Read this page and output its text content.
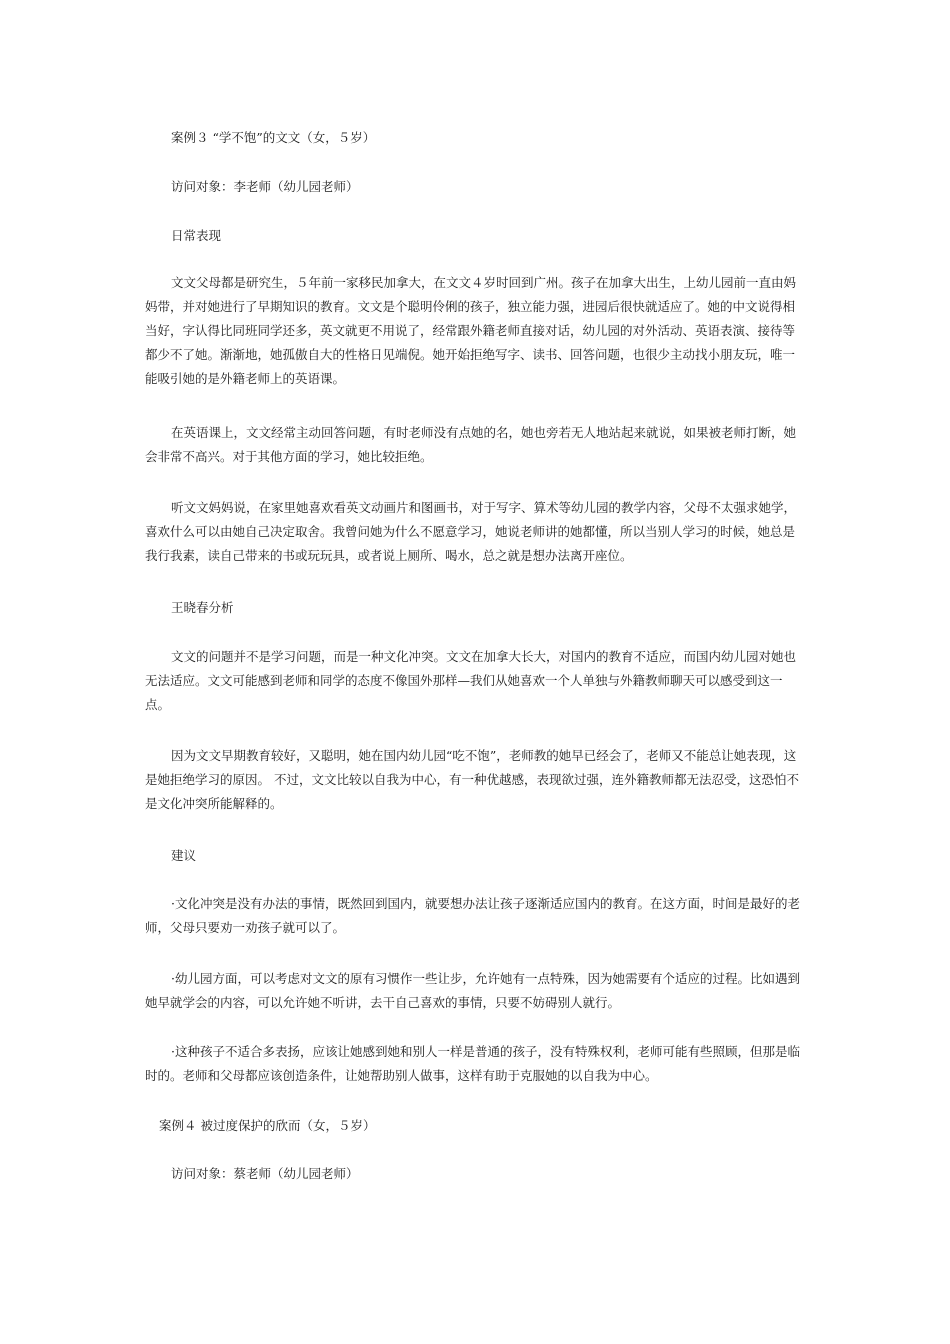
案例３ “学不饱”的文文（女，５岁）

访问对象：李老师（幼儿园老师）

日常表现

文文父母都是研究生，５年前一家移民加拿大，在文文４岁时回到广州。孩子在加拿大出生，上幼儿园前一直由妈妈带，并对她进行了早期知识的教育。文文是个聪明伶俐的孩子，独立能力强，进园后很快就适应了。她的中文说得相当好，字认得比同班同学还多，英文就更不用说了，经常跟外籍老师直接对话，幼儿园的对外活动、英语表演、接待等都少不了她。渐渐地，她孤傲自大的性格日见端倪。她开始拒绝写字、读书、回答问题，也很少主动找小朋友玩，唯一能吸引她的是外籍老师上的英语课。

在英语课上，文文经常主动回答问题，有时老师没有点她的名，她也旁若无人地站起来就说，如果被老师打断，她会非常不高兴。对于其他方面的学习，她比较拒绝。

听文文妈妈说，在家里她喜欢看英文动画片和图画书，对于写字、算术等幼儿园的教学内容，父母不太强求她学，喜欢什么可以由她自己决定取舍。我曾问她为什么不愿意学习，她说老师讲的她都懂，所以当别人学习的时候，她总是我行我素，读自己带来的书或玩玩具，或者说上厕所、喝水，总之就是想办法离开座位。

王晓春分析

文文的问题并不是学习问题，而是一种文化冲突。文文在加拿大长大，对国内的教育不适应，而国内幼儿园对她也无法适应。文文可能感到老师和同学的态度不像国外那样—我们从她喜欢一个人单独与外籍教师聊天可以感受到这一点。

因为文文早期教育较好，又聪明，她在国内幼儿园“吃不饱”，老师教的她早已经会了，老师又不能总让她表现，这是她拒绝学习的原因。 不过，文文比较以自我为中心，有一种优越感，表现欲过强，连外籍教师都无法忍受，这恐怕不是文化冲突所能解释的。

建议

·文化冲突是没有办法的事情，既然回到国内，就要想办法让孩子逐渐适应国内的教育。在这方面，时间是最好的老师，父母只要劝一劝孩子就可以了。

·幼儿园方面，可以考虑对文文的原有习惯作一些让步，允许她有一点特殊，因为她需要有个适应的过程。比如遇到她早就学会的内容，可以允许她不听讲，去干自己喜欢的事情，只要不妨碍别人就行。

·这种孩子不适合多表扬，应该让她感到她和别人一样是普通的孩子，没有特殊权利，老师可能有些照顾，但那是临时的。老师和父母都应该创造条件，让她帮助别人做事，这样有助于克服她的以自我为中心。

案例４ 被过度保护的欣而（女，５岁）

访问对象：蔡老师（幼儿园老师）
